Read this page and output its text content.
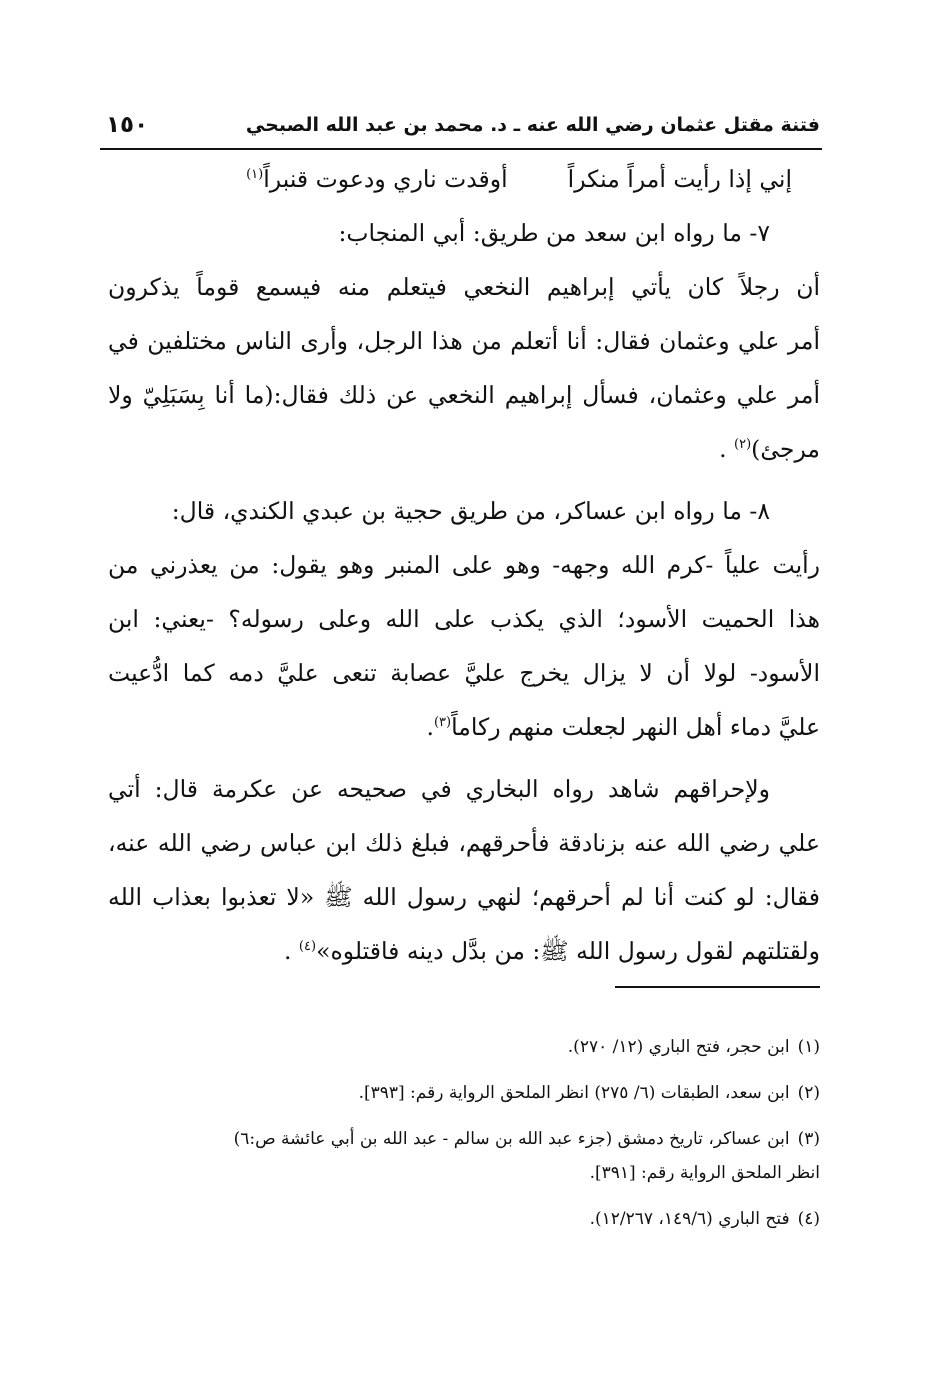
فتنة مقتل عثمان رضي الله عنه ـ د. محمد بن عبد الله الصبحي
١٥٠
إني إذا رأيت أمراً منكراً
أوقدت ناري ودعوت قنبراً$^{(١)}$
٧- ما رواه ابن سعد من طريق: أبي المنجاب:
أن رجلاً كان يأتي إبراهيم النخعي فيتعلم منه فيسمع قوماً يذكرون
أمر علي وعثمان فقال: أنا أتعلم من هذا الرجل، وأرى الناس مختلفين في
أمر علي وعثمان، فسأل إبراهيم النخعي عن ذلك فقال:(ما أنا بِسَبَلِيّ ولا
مرجئ)$^{(٢)}$ .
٨- ما رواه ابن عساكر، من طريق حجية بن عبدي الكندي، قال:
رأيت علياً -كرم الله وجهه- وهو على المنبر وهو يقول: من يعذرني من
هذا الحميت الأسود؛ الذي يكذب على الله وعلى رسوله؟ -يعني: ابن
الأسود- لولا أن لا يزال يخرج عليَّ عصابة تنعى عليَّ دمه كما ادُّعيت
عليَّ دماء أهل النهر لجعلت منهم ركاماً$^{(٣)}$.
ولإحراقهم شاهد رواه البخاري في صحيحه عن عكرمة قال: أتي
علي رضي الله عنه بزنادقة فأحرقهم، فبلغ ذلك ابن عباس رضي الله عنه،
فقال: لو كنت أنا لم أحرقهم؛ لنهي رسول الله ﷺ «لا تعذبوا بعذاب الله
ولقتلتهم لقول رسول الله ﷺ: من بدَّل دينه فاقتلوه»$^{(٤)}$ .
(١)ابن حجر، فتح الباري (١٢/ ٢٧٠).
(٢)ابن سعد، الطبقات (٦/ ٢٧٥) انظر الملحق الرواية رقم: [٣٩٣].
(٣)ابن عساكر، تاريخ دمشق (جزء عبد الله بن سالم - عبد الله بن أبي عائشة ص:٦)
انظر الملحق الرواية رقم: [٣٩١].
(٤)فتح الباري (١٤٩/٦، ١٢/٢٦٧).
